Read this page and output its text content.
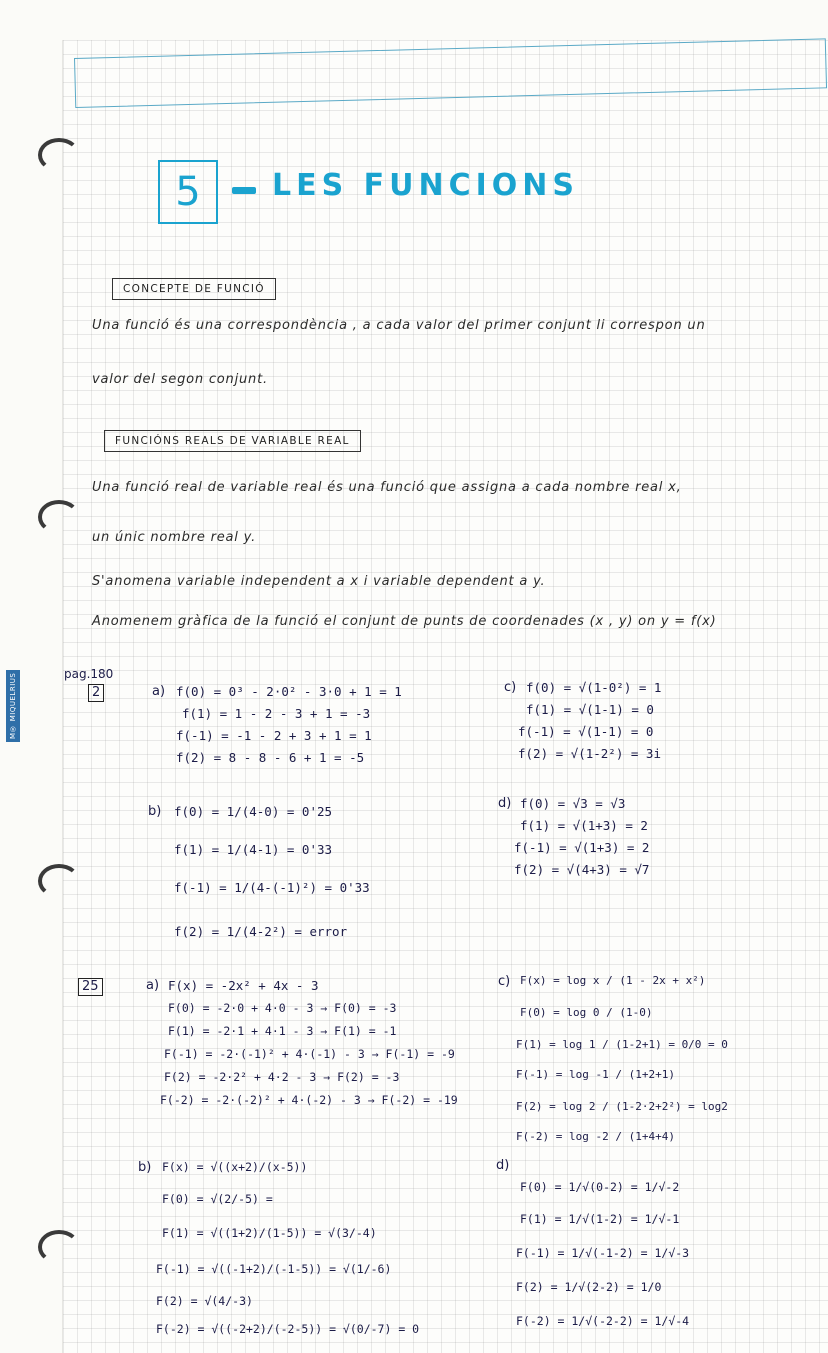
M® MIQUELRIUS
5	LES FUNCIONS
CONCEPTE DE FUNCIÓ
Una funció és una correspondència , a cada valor del primer conjunt li correspon un
valor del segon conjunt.
FUNCIÓNS REALS DE VARIABLE REAL
Una funció real de variable real és una funció que assigna a cada nombre real x,
un únic nombre real y.
S'anomena variable independent a x i variable dependent a y.
Anomenem gràfica de la funció el conjunt de punts de coordenades (x , y) on y = f(x)
pag.180
2	a) f(0) = 0³ - 2·0² - 3·0 + 1 = 1
f(1) = 1 - 2 - 3 + 1 = -3
f(-1) = -1 - 2 + 3 + 1 = 1
f(2) = 8 - 8 - 6 + 1 = -5
b) f(0) = 1/(4-0) = 0'25
f(1) = 1/(4-1) = 0'33
f(-1) = 1/(4-(-1)²) = 0'33
f(2) = 1/(4-2²) = error
c) f(0) = √(1-0²) = 1
f(1) = √(1-1) = 0
f(-1) = √(1-1) = 0
f(2) = √(1-2²) = 3i
d) f(0) = √3 = √3
f(1) = √(1+3) = 2
f(-1) = √(1+3) = 2
f(2) = √(4+3) = √7
25	a) F(x) = -2x² + 4x - 3
F(0) = -2·0 + 4·0 - 3 → F(0) = -3
F(1) = -2·1 + 4·1 - 3 → F(1) = -1
F(-1) = -2·(-1)² + 4·(-1) - 3 → F(-1) = -9
F(2) = -2·2² + 4·2 - 3 → F(2) = -3
F(-2) = -2·(-2)² + 4·(-2) - 3 → F(-2) = -19
b) F(x) = √((x+2)/(x-5))
F(0) = √(2/-5) =
F(1) = √((1+2)/(1-5)) = √(3/-4)
F(-1) = √((-1+2)/(-1-5)) = √(1/-6)
F(2) = √(4/-3)
F(-2) = √((-2+2)/(-2-5)) = √(0/-7) = 0
c) F(x) = log x / (1 - 2x + x²)
F(0) = log 0 / (1-0)
F(1) = log 1 / (1-2+1) = 0/0 = 0
F(-1) = log -1 / (1+2+1)
F(2) = log 2 / (1-2·2+2²) = log2
F(-2) = log -2 / (1+4+4)
d)
F(0) = 1/√(0-2) = 1/√-2
F(1) = 1/√(1-2) = 1/√-1
F(-1) = 1/√(-1-2) = 1/√-3
F(2) = 1/√(2-2) = 1/0
F(-2) = 1/√(-2-2) = 1/√-4
